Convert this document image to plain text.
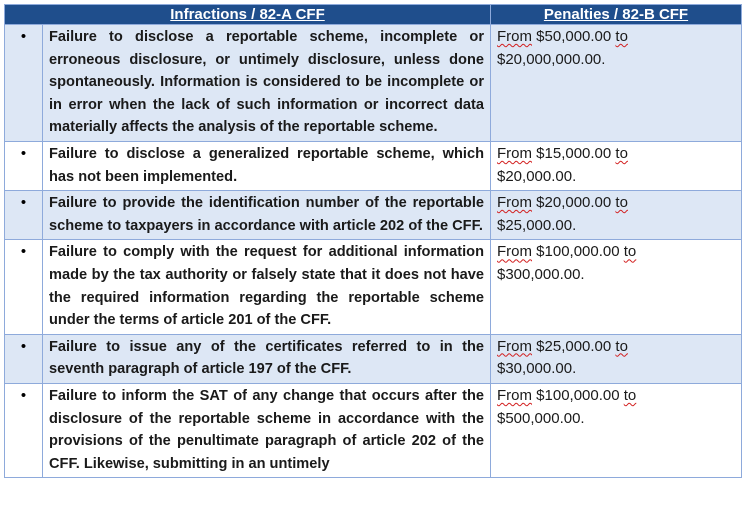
Infractions / 82-A CFF		Penalties / 82-B CFF
•	Failure to disclose a reportable scheme, incomplete or erroneous disclosure, or untimely disclosure, unless done spontaneously. Information is considered to be incomplete or in error when the lack of such information or incorrect data materially affects the analysis of the reportable scheme.	From $50,000.00 to
$20,000,000.00.
•	Failure to disclose a generalized reportable scheme, which has not been implemented.	From $15,000.00 to
$20,000.00.
•	Failure to provide the identification number of the reportable scheme to taxpayers in accordance with article 202 of the CFF.	From $20,000.00 to
$25,000.00.
•	Failure to comply with the request for additional information made by the tax authority or falsely state that it does not have the required information regarding the reportable scheme under the terms of article 201 of the CFF.	From $100,000.00 to
$300,000.00.
•	Failure to issue any of the certificates referred to in the seventh paragraph of article 197 of the CFF.	From $25,000.00 to
$30,000.00.
•	Failure to inform the SAT of any change that occurs after the disclosure of the reportable scheme in accordance with the provisions of the penultimate paragraph of article 202 of the CFF. Likewise, submitting in an untimely	From $100,000.00 to
$500,000.00.
